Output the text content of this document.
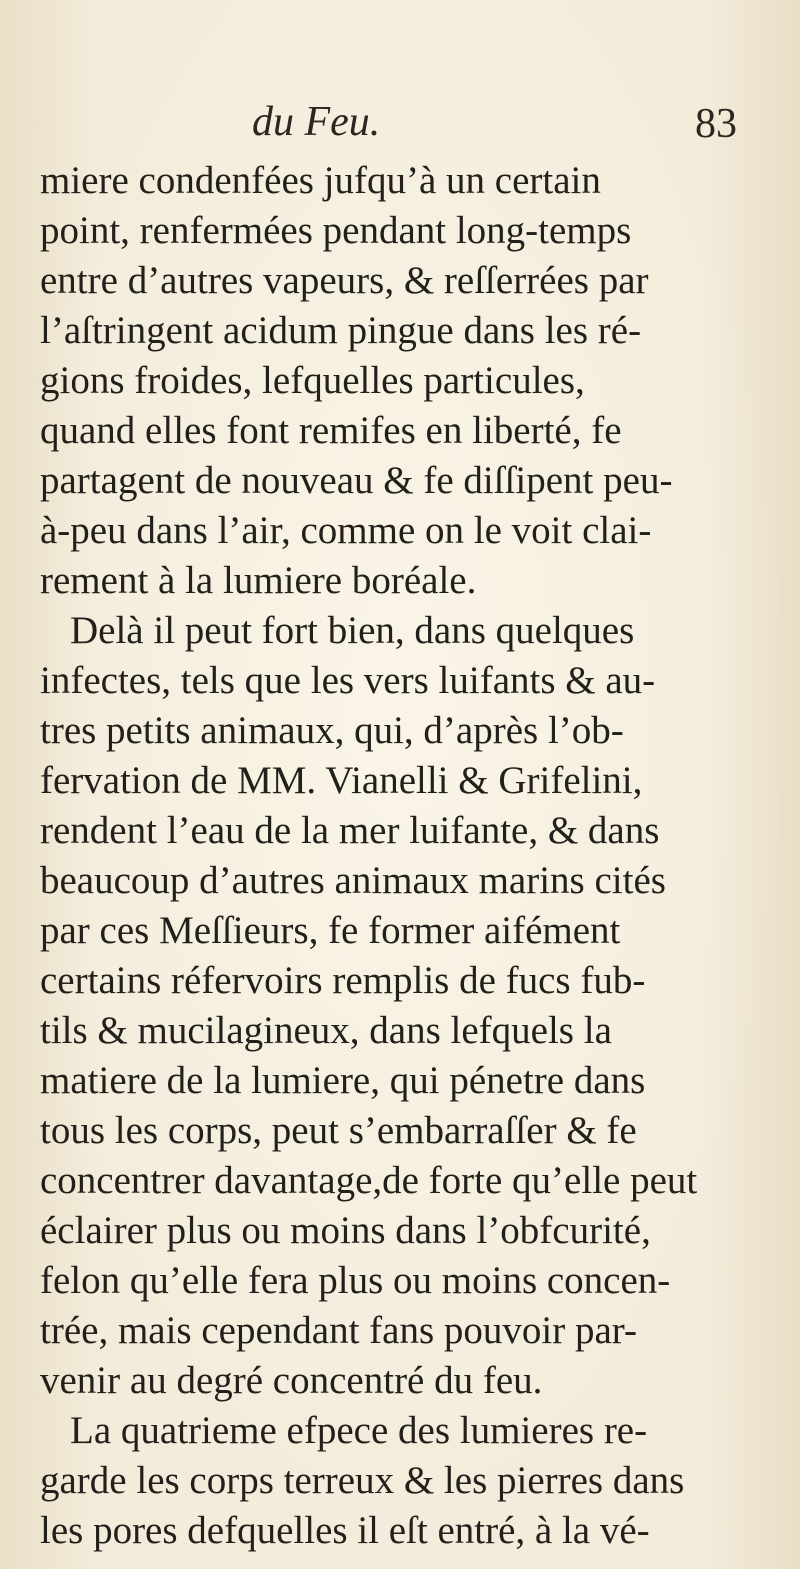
du Feu.	83
miere condenfées jufqu’à un certain
point, renfermées pendant long-temps
entre d’autres vapeurs, & reſſerrées par
l’aſtringent acidum pingue dans les ré-
gions froides, lefquelles particules,
quand elles font remifes en liberté, fe
partagent de nouveau & fe diſſipent peu-
à-peu dans l’air, comme on le voit clai-
rement à la lumiere boréale.
Delà il peut fort bien, dans quelques
infectes, tels que les vers luifants & au-
tres petits animaux, qui, d’après l’ob-
fervation de MM. Vianelli & Grifelini,
rendent l’eau de la mer luifante, & dans
beaucoup d’autres animaux marins cités
par ces Meſſieurs, fe former aifément
certains réfervoirs remplis de fucs fub-
tils & mucilagineux, dans lefquels la
matiere de la lumiere, qui pénetre dans
tous les corps, peut s’embarraſſer & fe
concentrer davantage,de forte qu’elle peut
éclairer plus ou moins dans l’obfcurité,
felon qu’elle fera plus ou moins concen-
trée, mais cependant fans pouvoir par-
venir au degré concentré du feu.
La quatrieme efpece des lumieres re-
garde les corps terreux & les pierres dans
les pores defquelles il eſt entré, à la vé-
